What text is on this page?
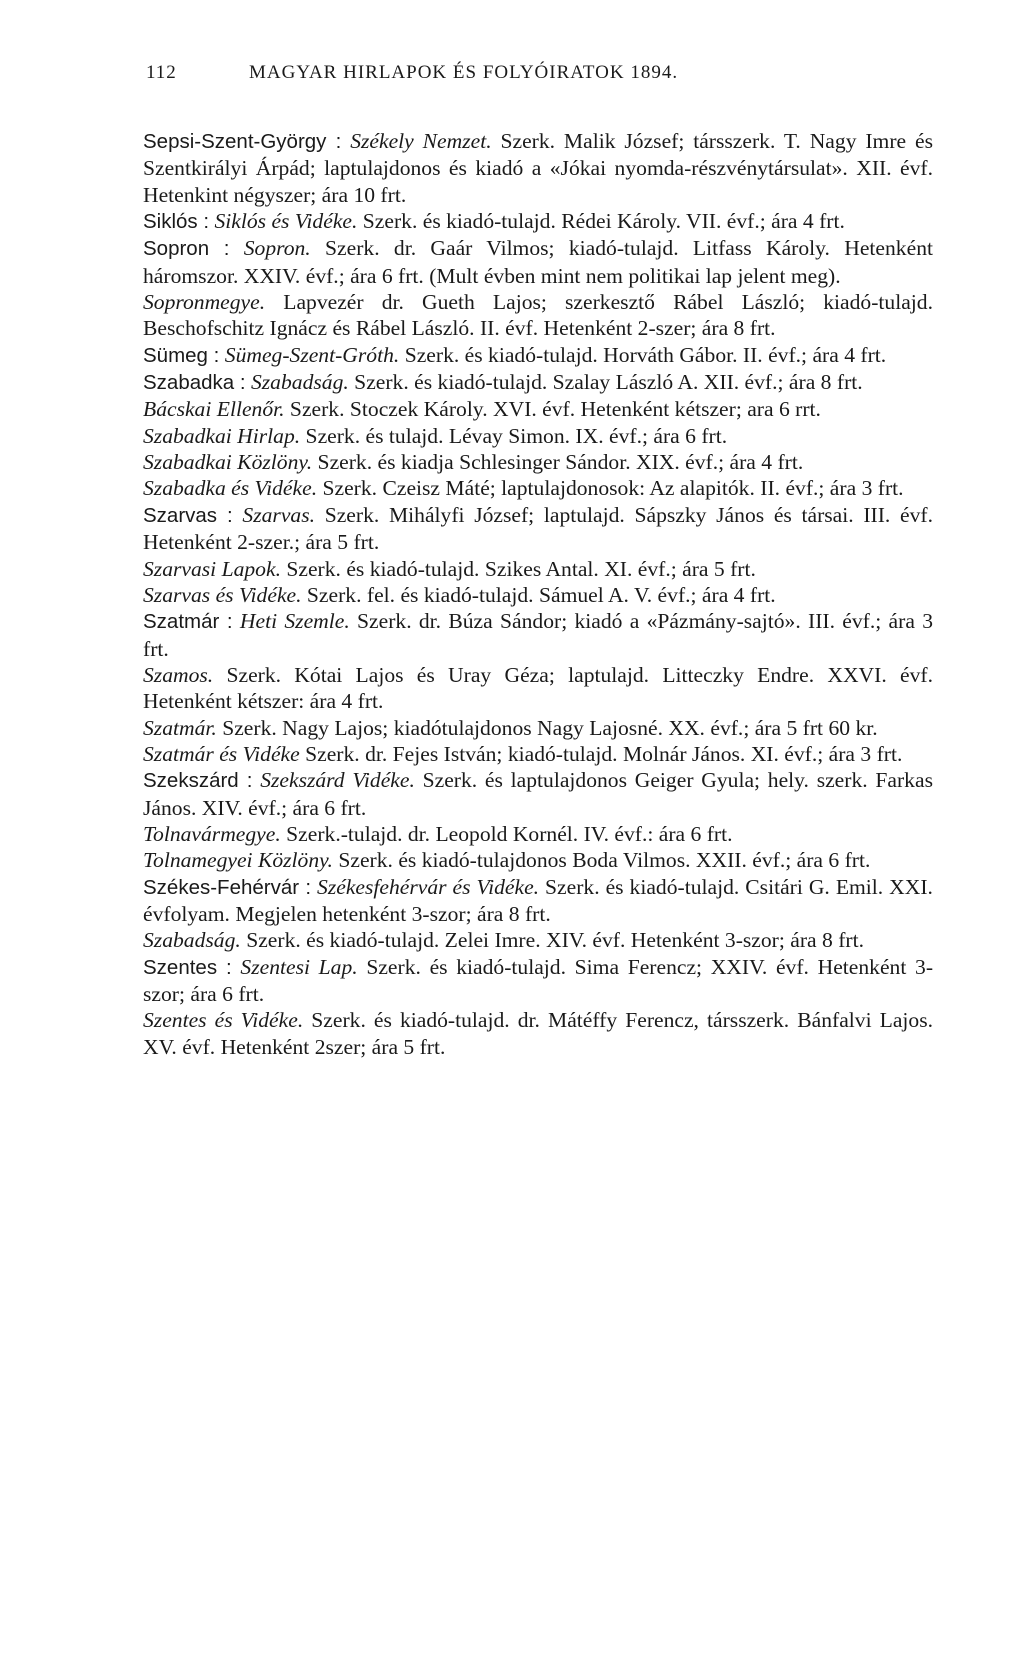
112	MAGYAR HIRLAPOK ÉS FOLYÓIRATOK 1894.

Sepsi-Szent-György : Székely Nemzet. Szerk. Malik József; társszerk. T. Nagy Imre és Szentkirályi Árpád; laptulajdonos és kiadó a «Jókai nyomda-részvénytársulat». XII. évf. Hetenkint négyszer; ára 10 frt.

Siklós : Siklós és Vidéke. Szerk. és kiadó-tulajd. Rédei Károly. VII. évf.; ára 4 frt.

Sopron : Sopron. Szerk. dr. Gaár Vilmos; kiadó-tulajd. Litfass Károly. Hetenként háromszor. XXIV. évf.; ára 6 frt. (Mult évben mint nem politikai lap jelent meg).

Sopronmegye. Lapvezér dr. Gueth Lajos; szerkesztő Rábel László; kiadó-tulajd. Beschofschitz Ignácz és Rábel László. II. évf. Hetenként 2-szer; ára 8 frt.

Sümeg : Sümeg-Szent-Gróth. Szerk. és kiadó-tulajd. Horváth Gábor. II. évf.; ára 4 frt.

Szabadka : Szabadság. Szerk. és kiadó-tulajd. Szalay László A. XII. évf.; ára 8 frt.

Bácskai Ellenőr. Szerk. Stoczek Károly. XVI. évf. Hetenként kétszer; ara 6 rrt.

Szabadkai Hirlap. Szerk. és tulajd. Lévay Simon. IX. évf.; ára 6 frt.

Szabadkai Közlöny. Szerk. és kiadja Schlesinger Sándor. XIX. évf.; ára 4 frt.

Szabadka és Vidéke. Szerk. Czeisz Máté; laptulajdonosok: Az alapitók. II. évf.; ára 3 frt.

Szarvas : Szarvas. Szerk. Mihályfi József; laptulajd. Sápszky János és társai. III. évf. Hetenként 2-szer.; ára 5 frt.

Szarvasi Lapok. Szerk. és kiadó-tulajd. Szikes Antal. XI. évf.; ára 5 frt.

Szarvas és Vidéke. Szerk. fel. és kiadó-tulajd. Sámuel A. V. évf.; ára 4 frt.

Szatmár : Heti Szemle. Szerk. dr. Búza Sándor; kiadó a «Pázmány-sajtó». III. évf.; ára 3 frt.

Szamos. Szerk. Kótai Lajos és Uray Géza; laptulajd. Litteczky Endre. XXVI. évf. Hetenként kétszer: ára 4 frt.

Szatmár. Szerk. Nagy Lajos; kiadótulajdonos Nagy Lajosné. XX. évf.; ára 5 frt 60 kr.

Szatmár és Vidéke Szerk. dr. Fejes István; kiadó-tulajd. Molnár János. XI. évf.; ára 3 frt.

Szekszárd : Szekszárd Vidéke. Szerk. és laptulajdonos Geiger Gyula; hely. szerk. Farkas János. XIV. évf.; ára 6 frt.

Tolnavármegye. Szerk.-tulajd. dr. Leopold Kornél. IV. évf.: ára 6 frt.

Tolnamegyei Közlöny. Szerk. és kiadó-tulajdonos Boda Vilmos. XXII. évf.; ára 6 frt.

Székes-Fehérvár : Székesfehérvár és Vidéke. Szerk. és kiadó-tulajd. Csitári G. Emil. XXI. évfolyam. Megjelen hetenként 3-szor; ára 8 frt.

Szabadság. Szerk. és kiadó-tulajd. Zelei Imre. XIV. évf. Hetenként 3-szor; ára 8 frt.

Szentes : Szentesi Lap. Szerk. és kiadó-tulajd. Sima Ferencz; XXIV. évf. Hetenként 3-szor; ára 6 frt.

Szentes és Vidéke. Szerk. és kiadó-tulajd. dr. Mátéffy Ferencz, társszerk. Bánfalvi Lajos. XV. évf. Hetenként 2szer; ára 5 frt.
